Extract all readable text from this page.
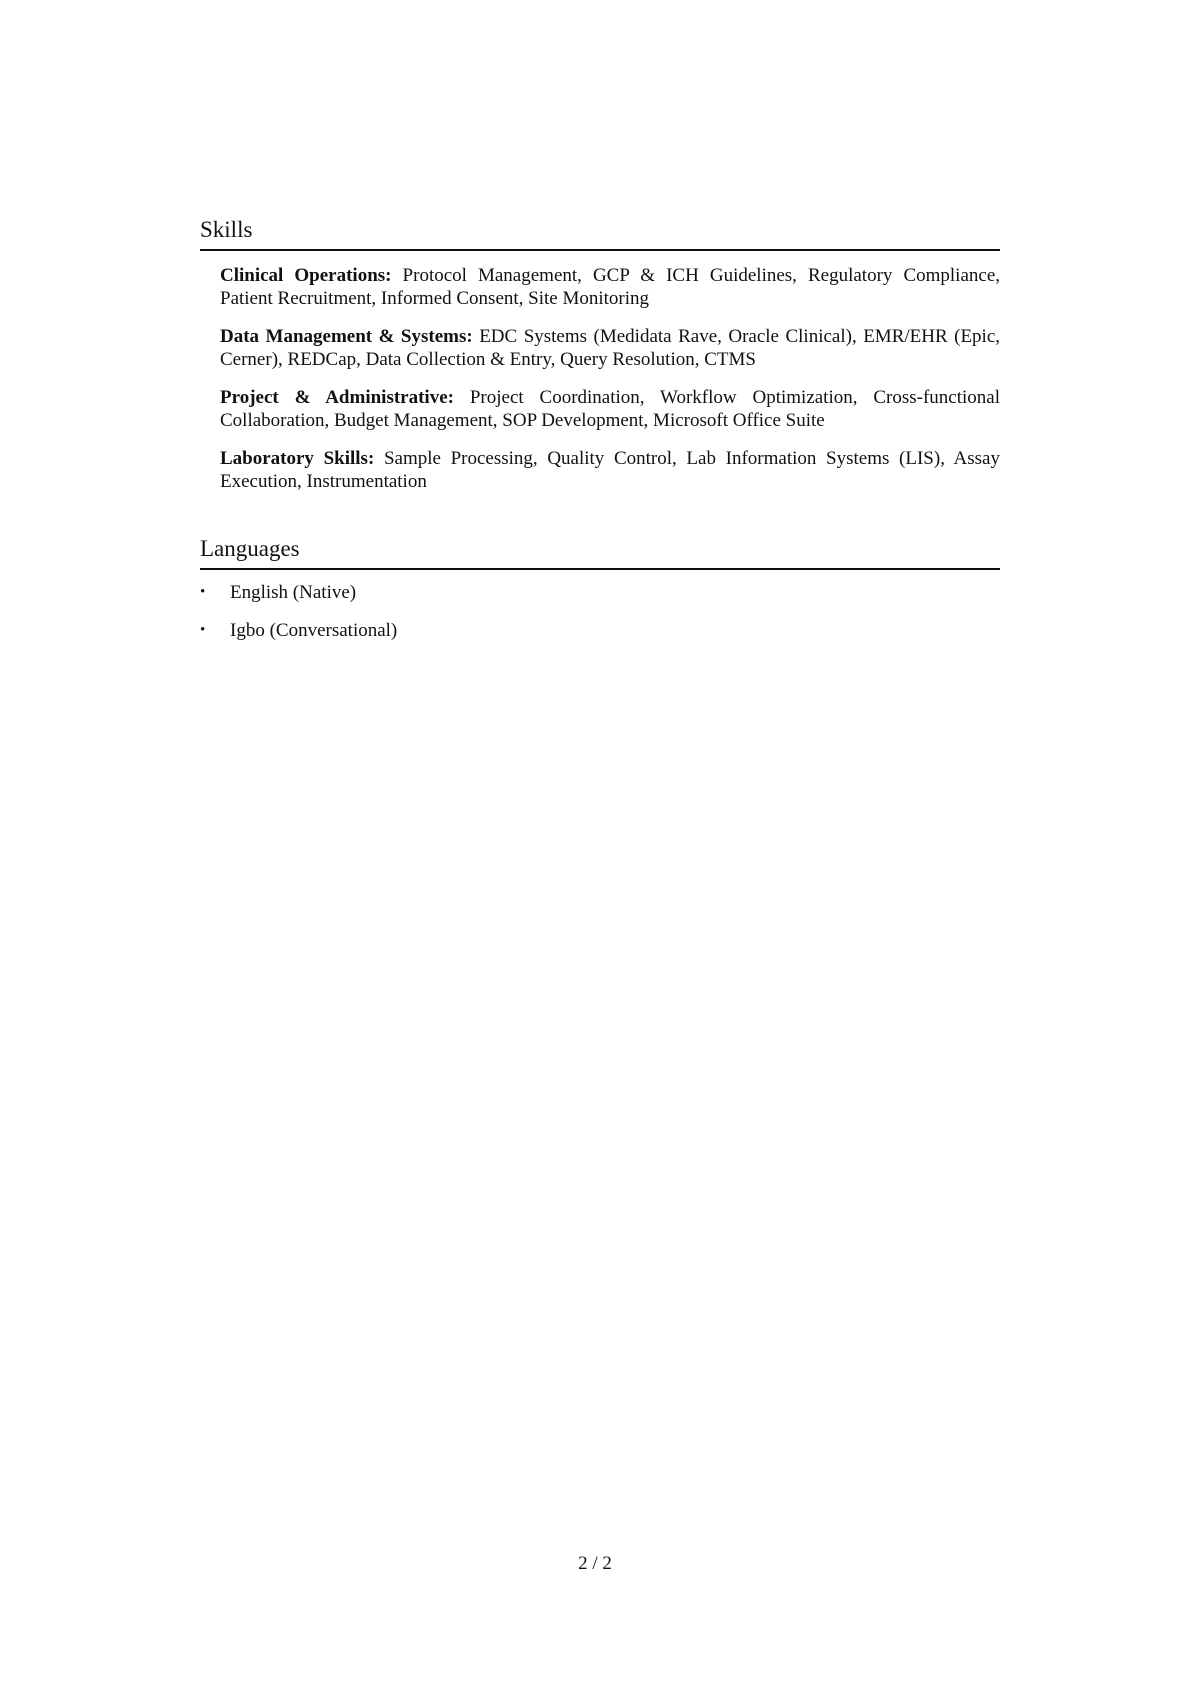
Skills
Clinical Operations: Protocol Management, GCP & ICH Guidelines, Regulatory Compliance, Patient Recruitment, Informed Consent, Site Monitoring
Data Management & Systems: EDC Systems (Medidata Rave, Oracle Clinical), EMR/EHR (Epic, Cerner), REDCap, Data Collection & Entry, Query Resolution, CTMS
Project & Administrative: Project Coordination, Workflow Optimization, Cross-functional Collaboration, Budget Management, SOP Development, Microsoft Office Suite
Laboratory Skills: Sample Processing, Quality Control, Lab Information Systems (LIS), Assay Execution, Instrumentation
Languages
• English (Native)
• Igbo (Conversational)
2 / 2
